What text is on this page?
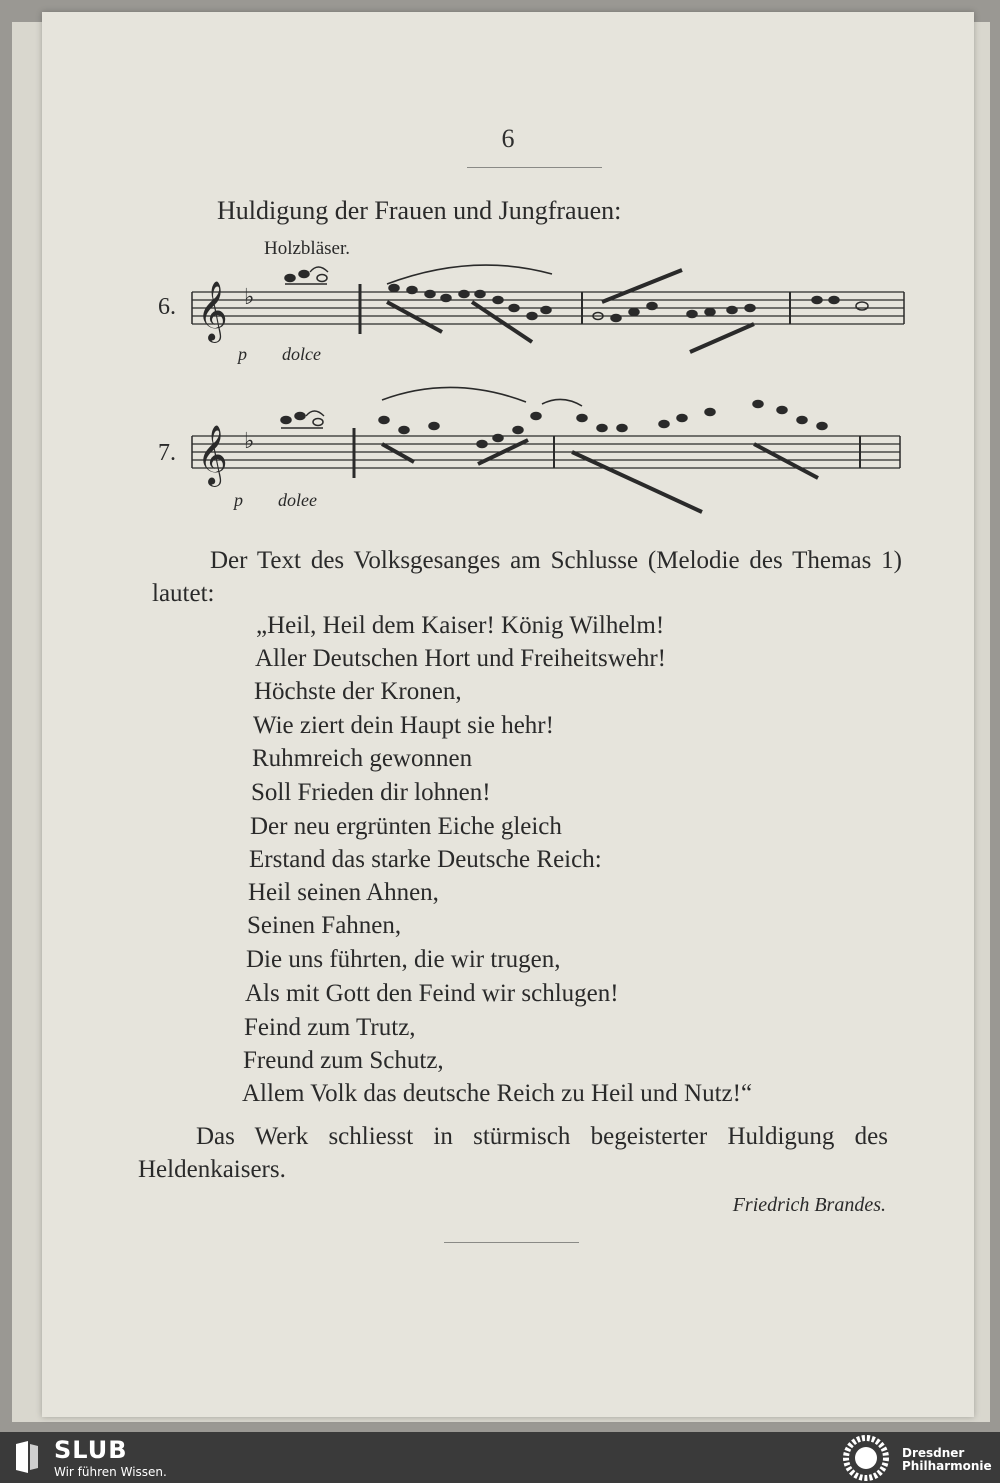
6
Huldigung der Frauen und Jungfrauen:
Holzbläser.
𝄞 ♭
𝄞 ♭
6.
p dolce
7.
p dolee

Der Text des Volksgesanges am Schlusse (Melodie des Themas 1) lautet:

„Heil, Heil dem Kaiser! König Wilhelm!
Aller Deutschen Hort und Freiheitswehr!
Höchste der Kronen,
Wie ziert dein Haupt sie hehr!
Ruhmreich gewonnen
Soll Frieden dir lohnen!
Der neu ergrünten Eiche gleich
Erstand das starke Deutsche Reich:
Heil seinen Ahnen,
Seinen Fahnen,
Die uns führten, die wir trugen,
Als mit Gott den Feind wir schlugen!
Feind zum Trutz,
Freund zum Schutz,
Allem Volk das deutsche Reich zu Heil und Nutz!“

Das Werk schliesst in stürmisch begeisterter Huldigung des Heldenkaisers.

Friedrich Brandes.
SLUB
Wir führen Wissen.
Dresdner
Philharmonie
